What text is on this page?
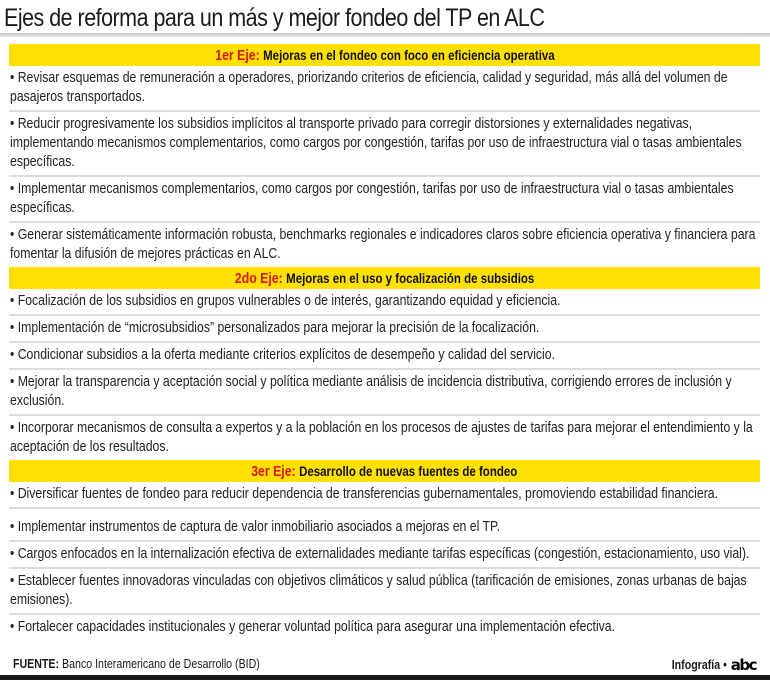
Ejes de reforma para un más y mejor fondeo del TP en ALC
1er Eje: Mejoras en el fondeo con foco en eficiencia operativa
• Revisar esquemas de remuneración a operadores, priorizando criterios de eficiencia, calidad y seguridad, más allá del volumen de pasajeros transportados.
• Reducir progresivamente los subsidios implícitos al transporte privado para corregir distorsiones y externalidades negativas, implementando mecanismos complementarios, como cargos por congestión, tarifas por uso de infraestructura vial o tasas ambientales específicas.
• Implementar mecanismos complementarios, como cargos por congestión, tarifas por uso de infraestructura vial o tasas ambientales específicas.
• Generar sistemáticamente información robusta, benchmarks regionales e indicadores claros sobre eficiencia operativa y financiera para fomentar la difusión de mejores prácticas en ALC.
2do Eje: Mejoras en el uso y focalización de subsidios
• Focalización de los subsidios en grupos vulnerables o de interés, garantizando equidad y eficiencia.
• Implementación de “microsubsidios” personalizados para mejorar la precisión de la focalización.
• Condicionar subsidios a la oferta mediante criterios explícitos de desempeño y calidad del servicio.
• Mejorar la transparencia y aceptación social y política mediante análisis de incidencia distributiva, corrigiendo errores de inclusión y exclusión.
• Incorporar mecanismos de consulta a expertos y a la población en los procesos de ajustes de tarifas para mejorar el entendimiento y la aceptación de los resultados.
3er Eje: Desarrollo de nuevas fuentes de fondeo
• Diversificar fuentes de fondeo para reducir dependencia de transferencias gubernamentales, promoviendo estabilidad financiera.
• Implementar instrumentos de captura de valor inmobiliario asociados a mejoras en el TP.
• Cargos enfocados en la internalización efectiva de externalidades mediante tarifas específicas (congestión, estacionamiento, uso vial).
• Establecer fuentes innovadoras vinculadas con objetivos climáticos y salud pública (tarificación de emisiones, zonas urbanas de bajas emisiones).
• Fortalecer capacidades institucionales y generar voluntad política para asegurar una implementación efectiva.
FUENTE: Banco Interamericano de Desarrollo (BID)	Infografía • abc
